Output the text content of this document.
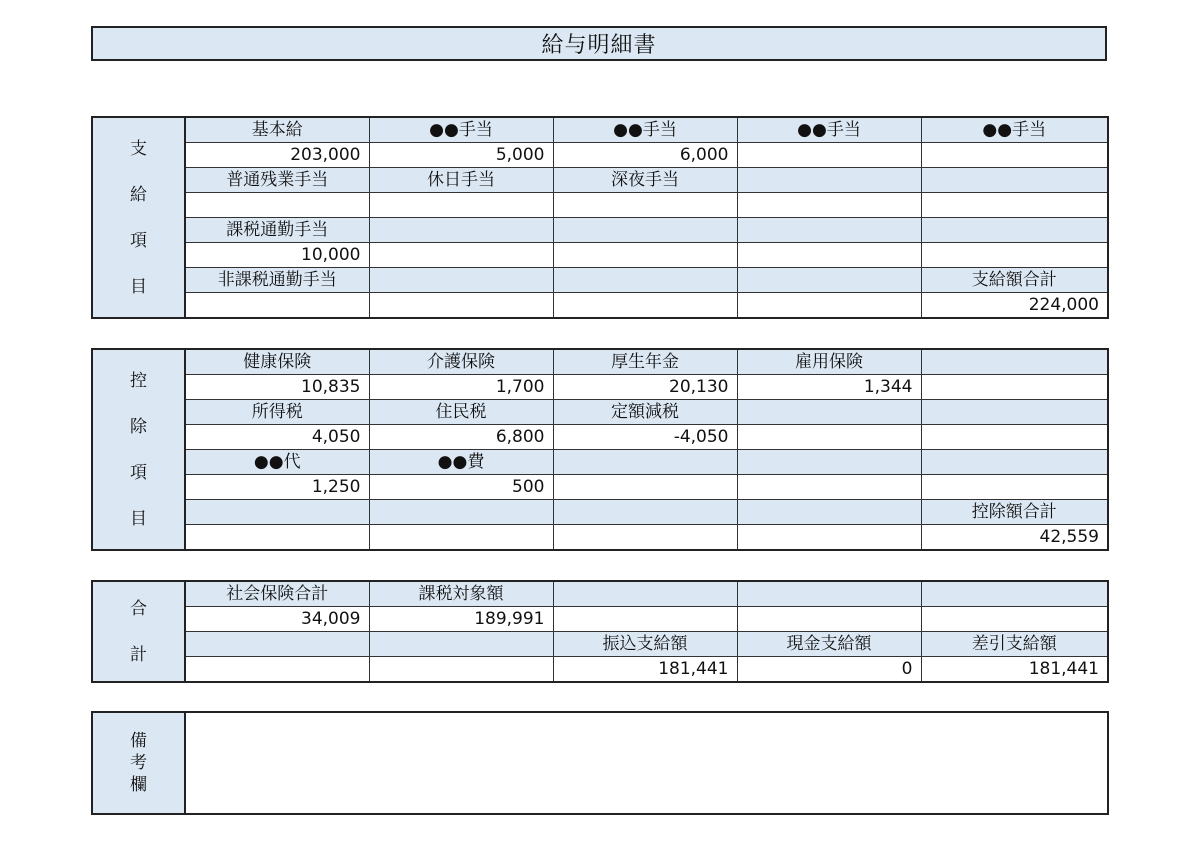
給与明細書
支
給
項
目	基本給	●●手当	●●手当	●●手当	●●手当
	203,000	5,000	6,000		
	普通残業手当	休日手当	深夜手当		

	課税通勤手当				
	10,000				
	非課税通勤手当				支給額合計
					224,000
控
除
項
目	健康保険	介護保険	厚生年金	雇用保険	
	10,835	1,700	20,130	1,344	
	所得税	住民税	定額減税		
	4,050	6,800	-4,050		
	●●代	●●費			
	1,250	500			
					控除額合計
					42,559
合
計	社会保険合計	課税対象額			
	34,009	189,991			
			振込支給額	現金支給額	差引支給額
			181,441	0	181,441
備
考
欄
